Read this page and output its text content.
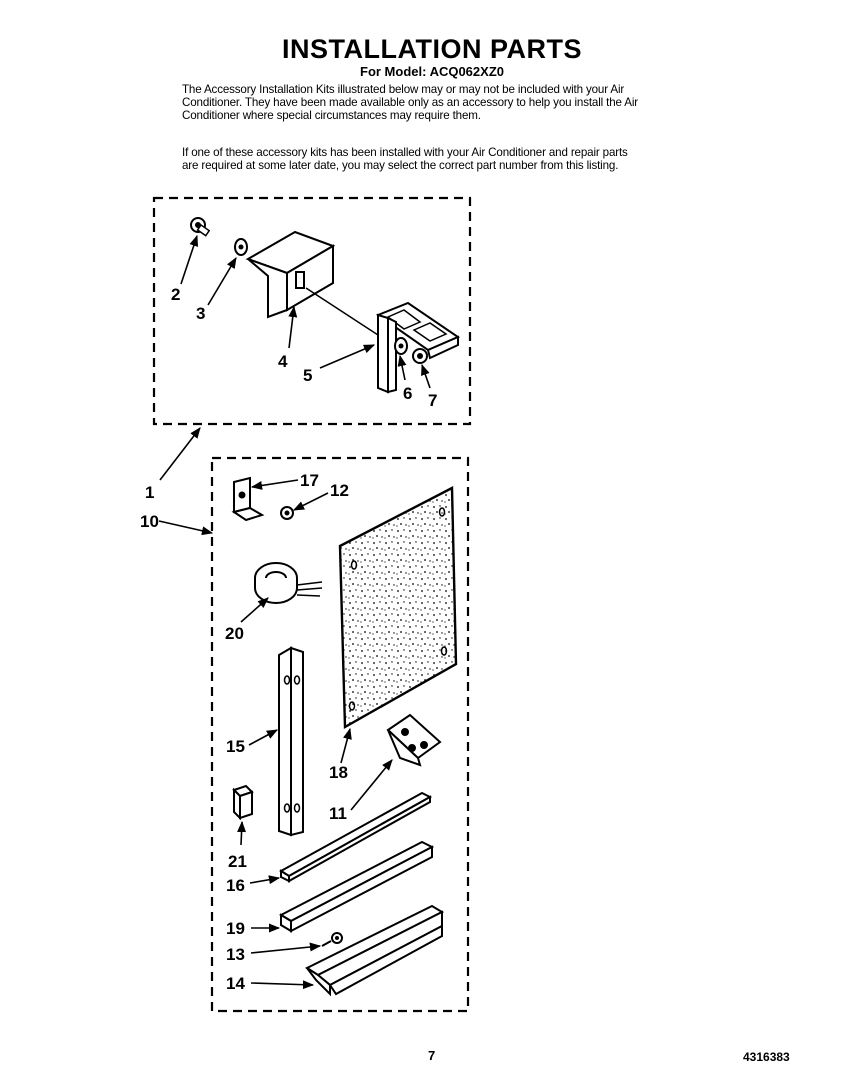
INSTALLATION PARTS
For Model: ACQ062XZ0

The Accessory Installation Kits illustrated below may or may not be included with your Air Conditioner. They have been made available only as an accessory to help you install the Air Conditioner where special circumstances may require them.

If one of these accessory kits has been installed with your Air Conditioner and repair parts are required at some later date, you may select the correct part number from this listing.

1
2
3
4
5
6 7
10
11
12
13
14
15
16
17
18
19
20
21
7	4316383
